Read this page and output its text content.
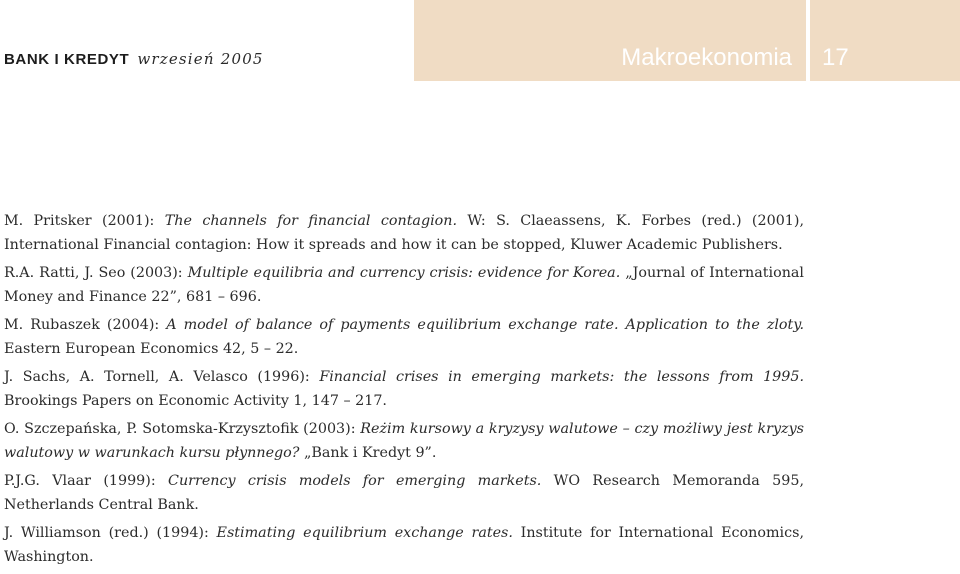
BANK I KREDYT wrzesień 2005	Makroekonomia 17

M. Pritsker (2001): The channels for financial contagion. W: S. Claeassens, K. Forbes (red.) (2001), International Financial contagion: How it spreads and how it can be stopped, Kluwer Academic Publishers.

R.A. Ratti, J. Seo (2003): Multiple equilibria and currency crisis: evidence for Korea. „Journal of International Money and Finance 22”, 681 – 696.

M. Rubaszek (2004): A model of balance of payments equilibrium exchange rate. Application to the zloty. Eastern European Economics 42, 5 – 22.

J. Sachs, A. Tornell, A. Velasco (1996): Financial crises in emerging markets: the lessons from 1995. Brookings Papers on Economic Activity 1, 147 – 217.

O. Szczepańska, P. Sotomska-Krzysztofik (2003): Reżim kursowy a kryzysy walutowe – czy możliwy jest kryzys walutowy w warunkach kursu płynnego? „Bank i Kredyt 9”.

P.J.G. Vlaar (1999): Currency crisis models for emerging markets. WO Research Memoranda 595, Netherlands Central Bank.

J. Williamson (red.) (1994): Estimating equilibrium exchange rates. Institute for International Economics, Washington.
